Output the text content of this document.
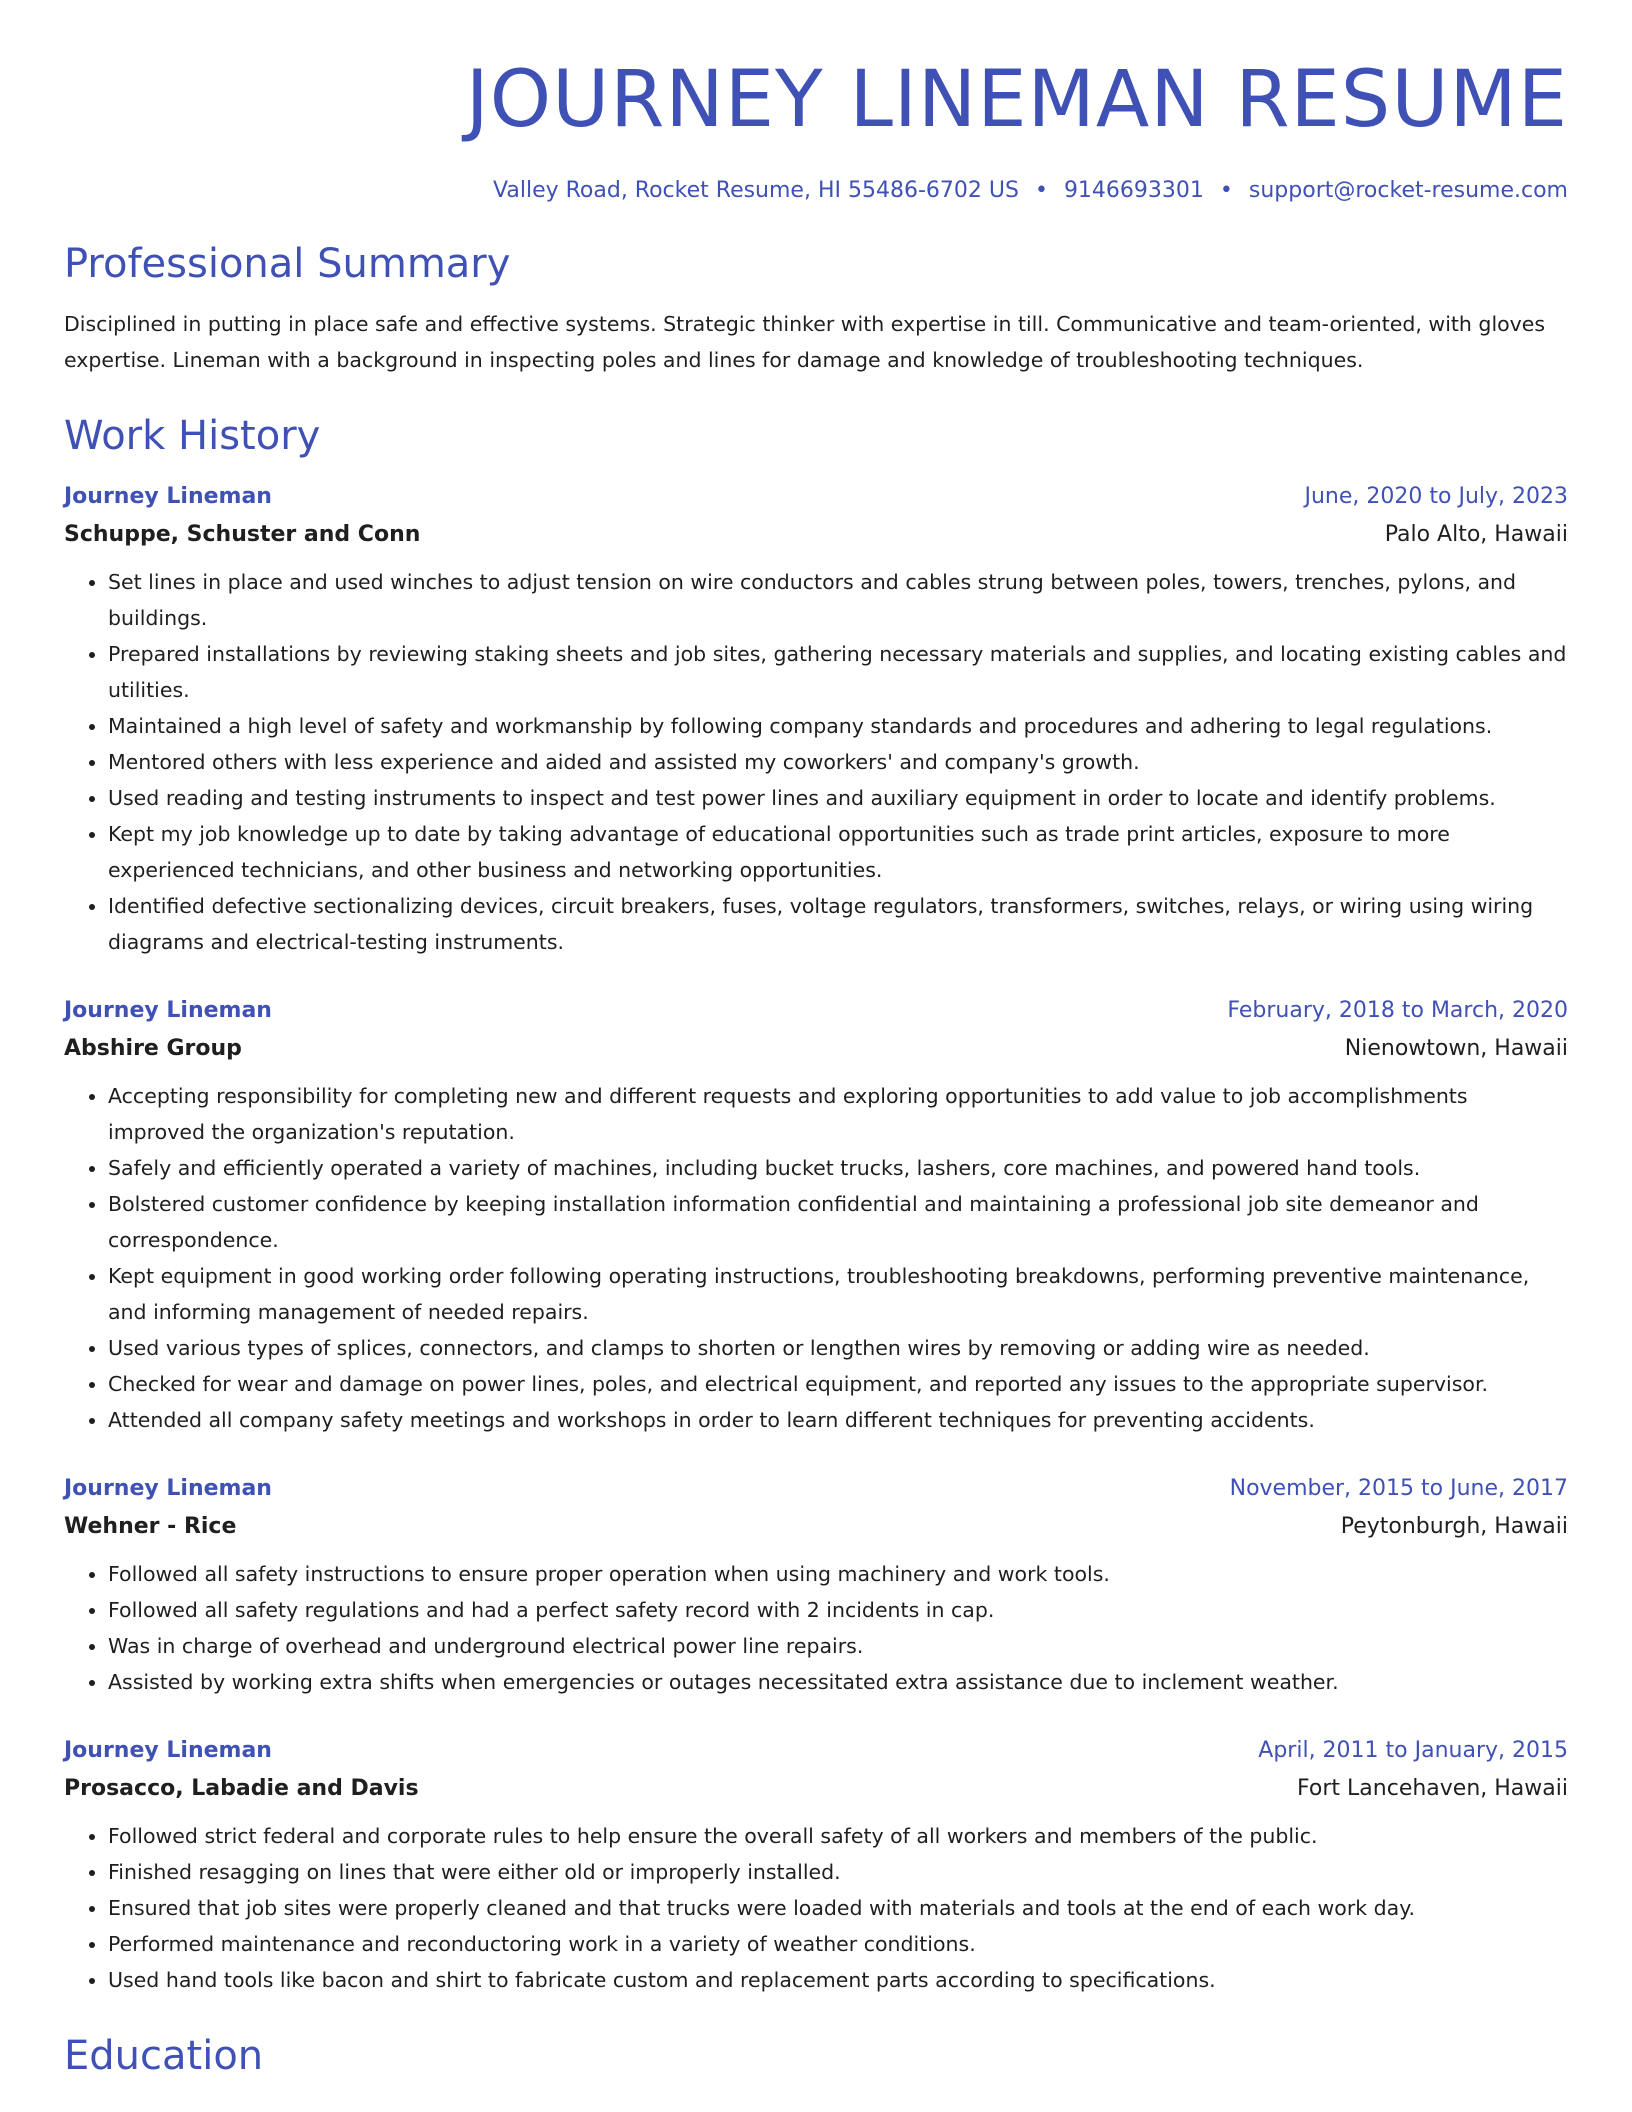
JOURNEY LINEMAN RESUME
Valley Road, Rocket Resume, HI 55486-6702 US • 9146693301 • support@rocket-resume.com
Professional Summary

Disciplined in putting in place safe and effective systems. Strategic thinker with expertise in till. Communicative and team-oriented, with gloves expertise. Lineman with a background in inspecting poles and lines for damage and knowledge of troubleshooting techniques.

Work History
Journey Lineman	June, 2020 to July, 2023
Schuppe, Schuster and Conn	Palo Alto, Hawaii
• Set lines in place and used winches to adjust tension on wire conductors and cables strung between poles, towers, trenches, pylons, and buildings.
• Prepared installations by reviewing staking sheets and job sites, gathering necessary materials and supplies, and locating existing cables and utilities.
• Maintained a high level of safety and workmanship by following company standards and procedures and adhering to legal regulations.
• Mentored others with less experience and aided and assisted my coworkers' and company's growth.
• Used reading and testing instruments to inspect and test power lines and auxiliary equipment in order to locate and identify problems.
• Kept my job knowledge up to date by taking advantage of educational opportunities such as trade print articles, exposure to more experienced technicians, and other business and networking opportunities.
• Identified defective sectionalizing devices, circuit breakers, fuses, voltage regulators, transformers, switches, relays, or wiring using wiring diagrams and electrical-testing instruments.
Journey Lineman	February, 2018 to March, 2020
Abshire Group	Nienowtown, Hawaii
• Accepting responsibility for completing new and different requests and exploring opportunities to add value to job accomplishments improved the organization's reputation.
• Safely and efficiently operated a variety of machines, including bucket trucks, lashers, core machines, and powered hand tools.
• Bolstered customer confidence by keeping installation information confidential and maintaining a professional job site demeanor and correspondence.
• Kept equipment in good working order following operating instructions, troubleshooting breakdowns, performing preventive maintenance, and informing management of needed repairs.
• Used various types of splices, connectors, and clamps to shorten or lengthen wires by removing or adding wire as needed.
• Checked for wear and damage on power lines, poles, and electrical equipment, and reported any issues to the appropriate supervisor.
• Attended all company safety meetings and workshops in order to learn different techniques for preventing accidents.
Journey Lineman	November, 2015 to June, 2017
Wehner - Rice	Peytonburgh, Hawaii
• Followed all safety instructions to ensure proper operation when using machinery and work tools.
• Followed all safety regulations and had a perfect safety record with 2 incidents in cap.
• Was in charge of overhead and underground electrical power line repairs.
• Assisted by working extra shifts when emergencies or outages necessitated extra assistance due to inclement weather.
Journey Lineman	April, 2011 to January, 2015
Prosacco, Labadie and Davis	Fort Lancehaven, Hawaii
• Followed strict federal and corporate rules to help ensure the overall safety of all workers and members of the public.
• Finished resagging on lines that were either old or improperly installed.
• Ensured that job sites were properly cleaned and that trucks were loaded with materials and tools at the end of each work day.
• Performed maintenance and reconductoring work in a variety of weather conditions.
• Used hand tools like bacon and shirt to fabricate custom and replacement parts according to specifications.
Education
